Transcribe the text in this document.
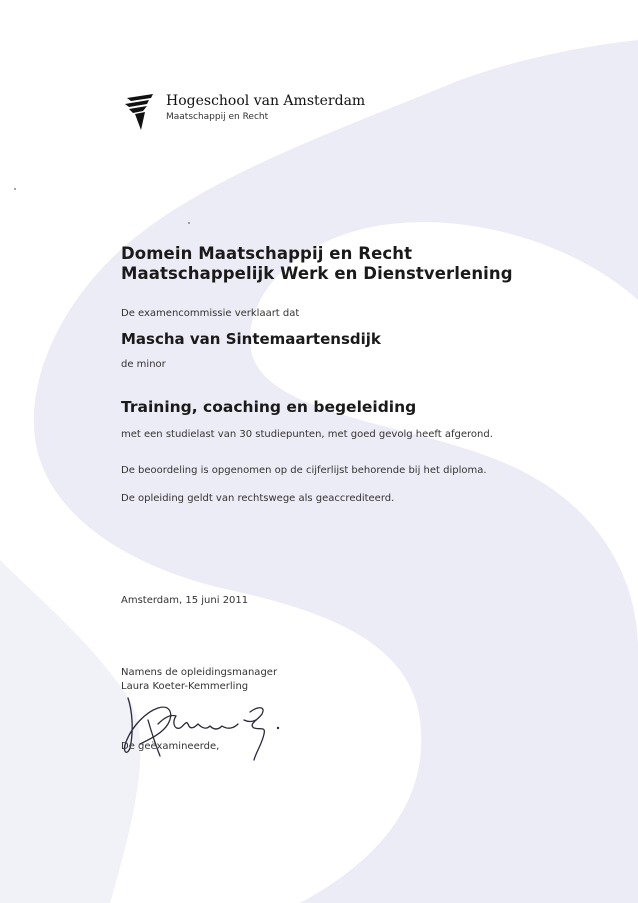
Hogeschool van Amsterdam
Maatschappij en Recht
Domein Maatschappij en Recht
Maatschappelijk Werk en Dienstverlening
De examencommissie verklaart dat
Mascha van Sintemaartensdijk
de minor
Training, coaching en begeleiding
met een studielast van 30 studiepunten, met goed gevolg heeft afgerond.
De beoordeling is opgenomen op de cijferlijst behorende bij het diploma.
De opleiding geldt van rechtswege als geaccrediteerd.
Amsterdam, 15 juni 2011
Namens de opleidingsmanager
Laura Koeter-Kemmerling
De geëxamineerde,
